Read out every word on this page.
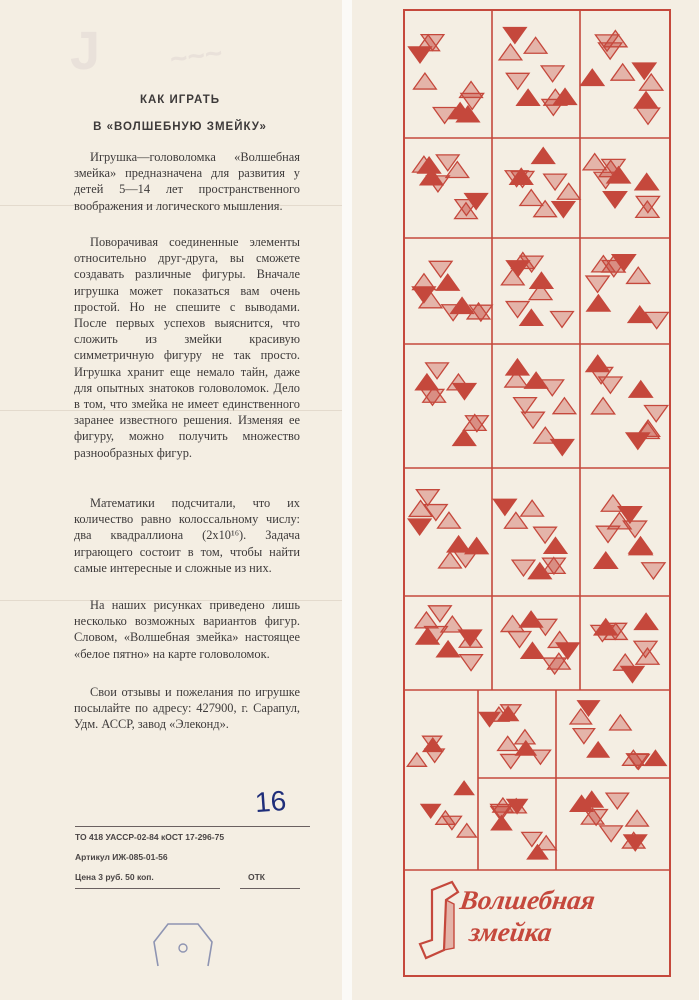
J ~~~
КАК ИГРАТЬ
В «ВОЛШЕБНУЮ ЗМЕЙКУ»
Игрушка—головоломка «Волшебная змейка» предназначена для развития у детей 5—14 лет пространственного воображения и логического мышления.
Поворачивая соединенные элементы относительно друг-друга, вы сможете создавать различные фигуры. Вначале игрушка может показаться вам очень простой. Но не спешите с выводами. После первых успехов выяснится, что сложить из змейки красивую симметричную фигуру не так просто. Игрушка хранит еще немало тайн, даже для опытных знатоков головоломок. Дело в том, что змейка не имеет единственного заранее известного решения. Изменяя ее фигуру, можно получить множество разнообразных фигур.
Математики подсчитали, что их количество равно колоссальному числу: два квадраллиона (2x10¹⁶). Задача играющего состоит в том, чтобы найти самые интересные и сложные из них.
На наших рисунках приведено лишь несколько возможных вариантов фигур. Словом, «Волшебная змейка» настоящее «белое пятно» на карте головоломок.
Свои отзывы и пожелания по игрушке посылайте по адресу: 427900, г. Сарапул, Удм. АССР, завод «Элеконд».
16
ТО 418 УАССР-02-84 кОСТ 17-296-75
Артикул ИЖ-085-01-56
Цена 3 руб. 50 коп.	ОТК
Волшебная
змейка
